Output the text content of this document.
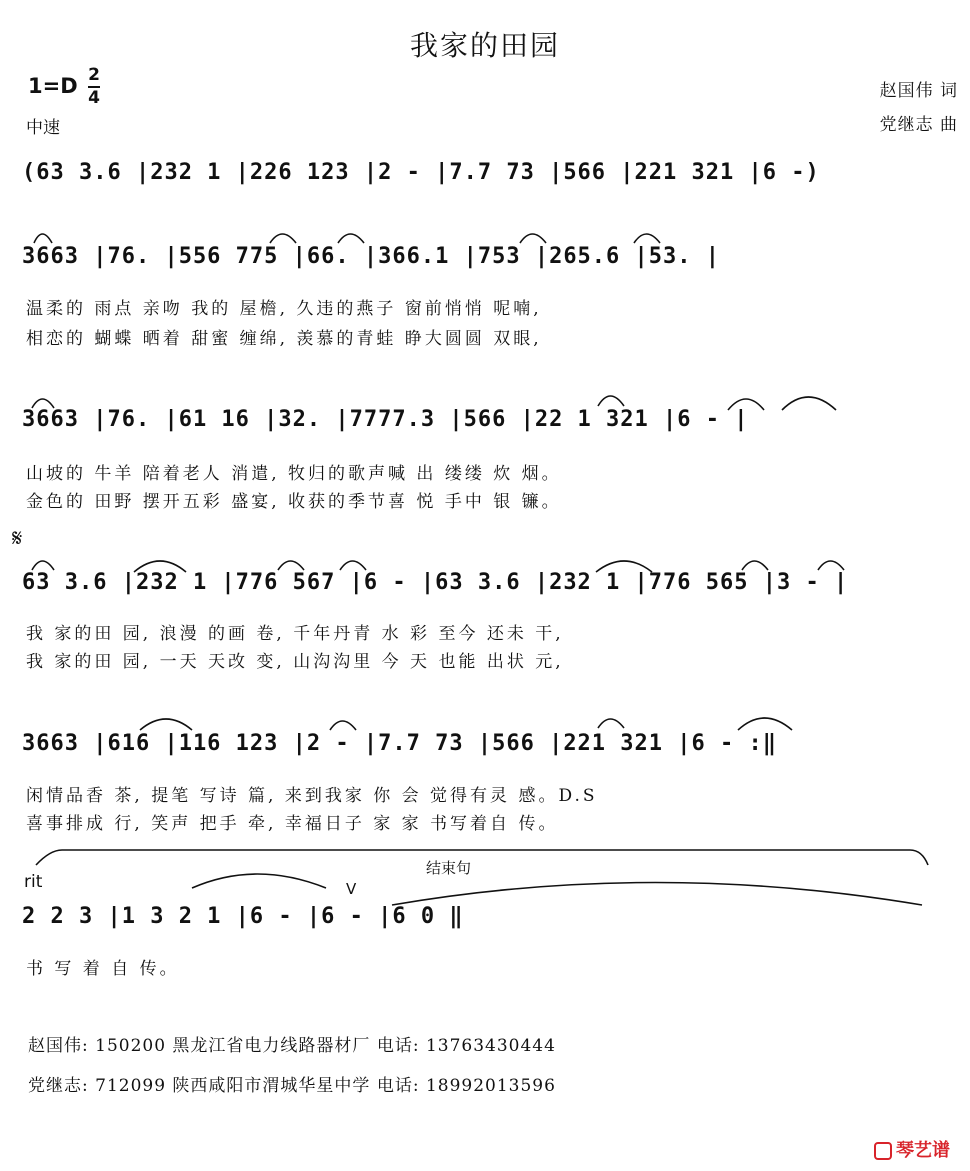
我家的田园
1=D 2
4
中速
赵国伟 词
党继志 曲
(63 3.6 |232 1 |226 123 |2 - |7.7 73 |566 |221 321 |6 -)
3663 |76. |556 775 |66. |366.1 |753 |265.6 |53. |
温柔的 雨点 亲吻 我的 屋檐, 久违的燕子 窗前悄悄 呢喃,
相恋的 蝴蝶 晒着 甜蜜 缠绵, 羡慕的青蛙 睁大圆圆 双眼,
3663 |76. |61 16 |32. |7777.3 |566 |22 1 321 |6 - |
山坡的 牛羊 陪着老人 消遣, 牧归的歌声喊 出 缕缕 炊 烟。
金色的 田野 摆开五彩 盛宴, 收获的季节喜 悦 手中 银 镰。
𝄋
63 3.6 |232 1 |776 567 |6 - |63 3.6 |232 1 |776 565 |3 - |
我 家的田 园, 浪漫 的画 卷, 千年丹青 水 彩 至今 还未 干,
我 家的田 园, 一天 天改 变, 山沟沟里 今 天 也能 出状 元,
3663 |616 |116 123 |2 - |7.7 73 |566 |221 321 |6 - :‖
闲情品香 茶, 提笔 写诗 篇, 来到我家 你 会 觉得有灵 感。D.S
喜事排成 行, 笑声 把手 牵, 幸福日子 家 家 书写着自 传。
结束句
rit	V
2 2 3 |1 3 2 1 |6 - |6 - |6 0 ‖
书 写 着 自 传。
赵国伟: 150200 黑龙江省电力线路器材厂 电话: 13763430444
党继志: 712099 陕西咸阳市渭城华星中学 电话: 18992013596
琴艺谱
